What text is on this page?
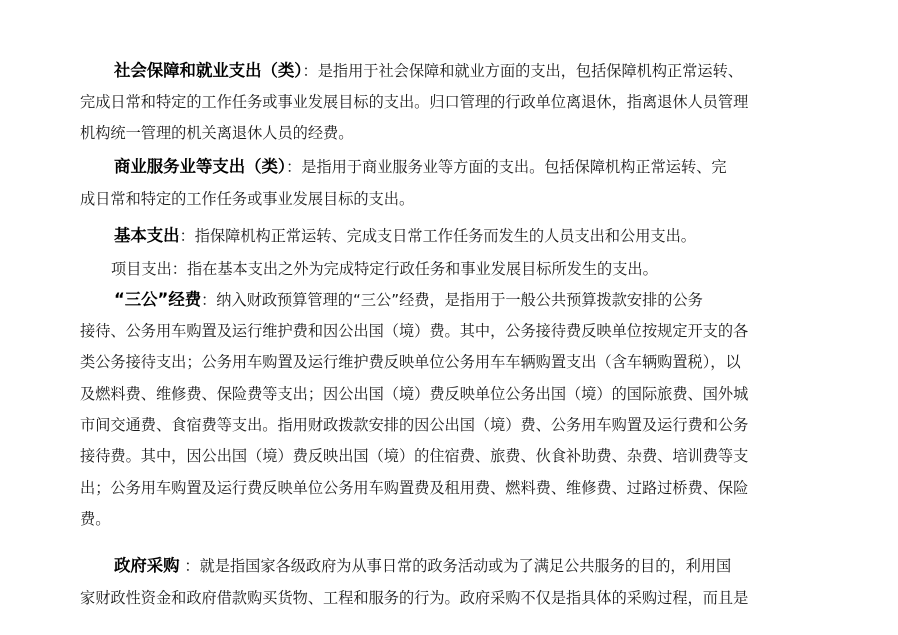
社会保障和就业支出（类）：是指用于社会保障和就业方面的支出，包括保障机构正常运转、
完成日常和特定的工作任务或事业发展目标的支出。归口管理的行政单位离退休，指离退休人员管理
机构统一管理的机关离退休人员的经费。
商业服务业等支出（类）：是指用于商业服务业等方面的支出。包括保障机构正常运转、完
成日常和特定的工作任务或事业发展目标的支出。
基本支出：指保障机构正常运转、完成支日常工作任务而发生的人员支出和公用支出。
项目支出：指在基本支出之外为完成特定行政任务和事业发展目标所发生的支出。
“三公”经费：纳入财政预算管理的“三公”经费，是指用于一般公共预算拨款安排的公务
接待、公务用车购置及运行维护费和因公出国（境）费。其中，公务接待费反映单位按规定开支的各
类公务接待支出；公务用车购置及运行维护费反映单位公务用车车辆购置支出（含车辆购置税），以
及燃料费、维修费、保险费等支出；因公出国（境）费反映单位公务出国（境）的国际旅费、国外城
市间交通费、食宿费等支出。指用财政拨款安排的因公出国（境）费、公务用车购置及运行费和公务
接待费。其中，因公出国（境）费反映出国（境）的住宿费、旅费、伙食补助费、杂费、培训费等支
出；公务用车购置及运行费反映单位公务用车购置费及租用费、燃料费、维修费、过路过桥费、保险
费。
政府采购 ：就是指国家各级政府为从事日常的政务活动或为了满足公共服务的目的，利用国
家财政性资金和政府借款购买货物、工程和服务的行为。政府采购不仅是指具体的采购过程，而且是
